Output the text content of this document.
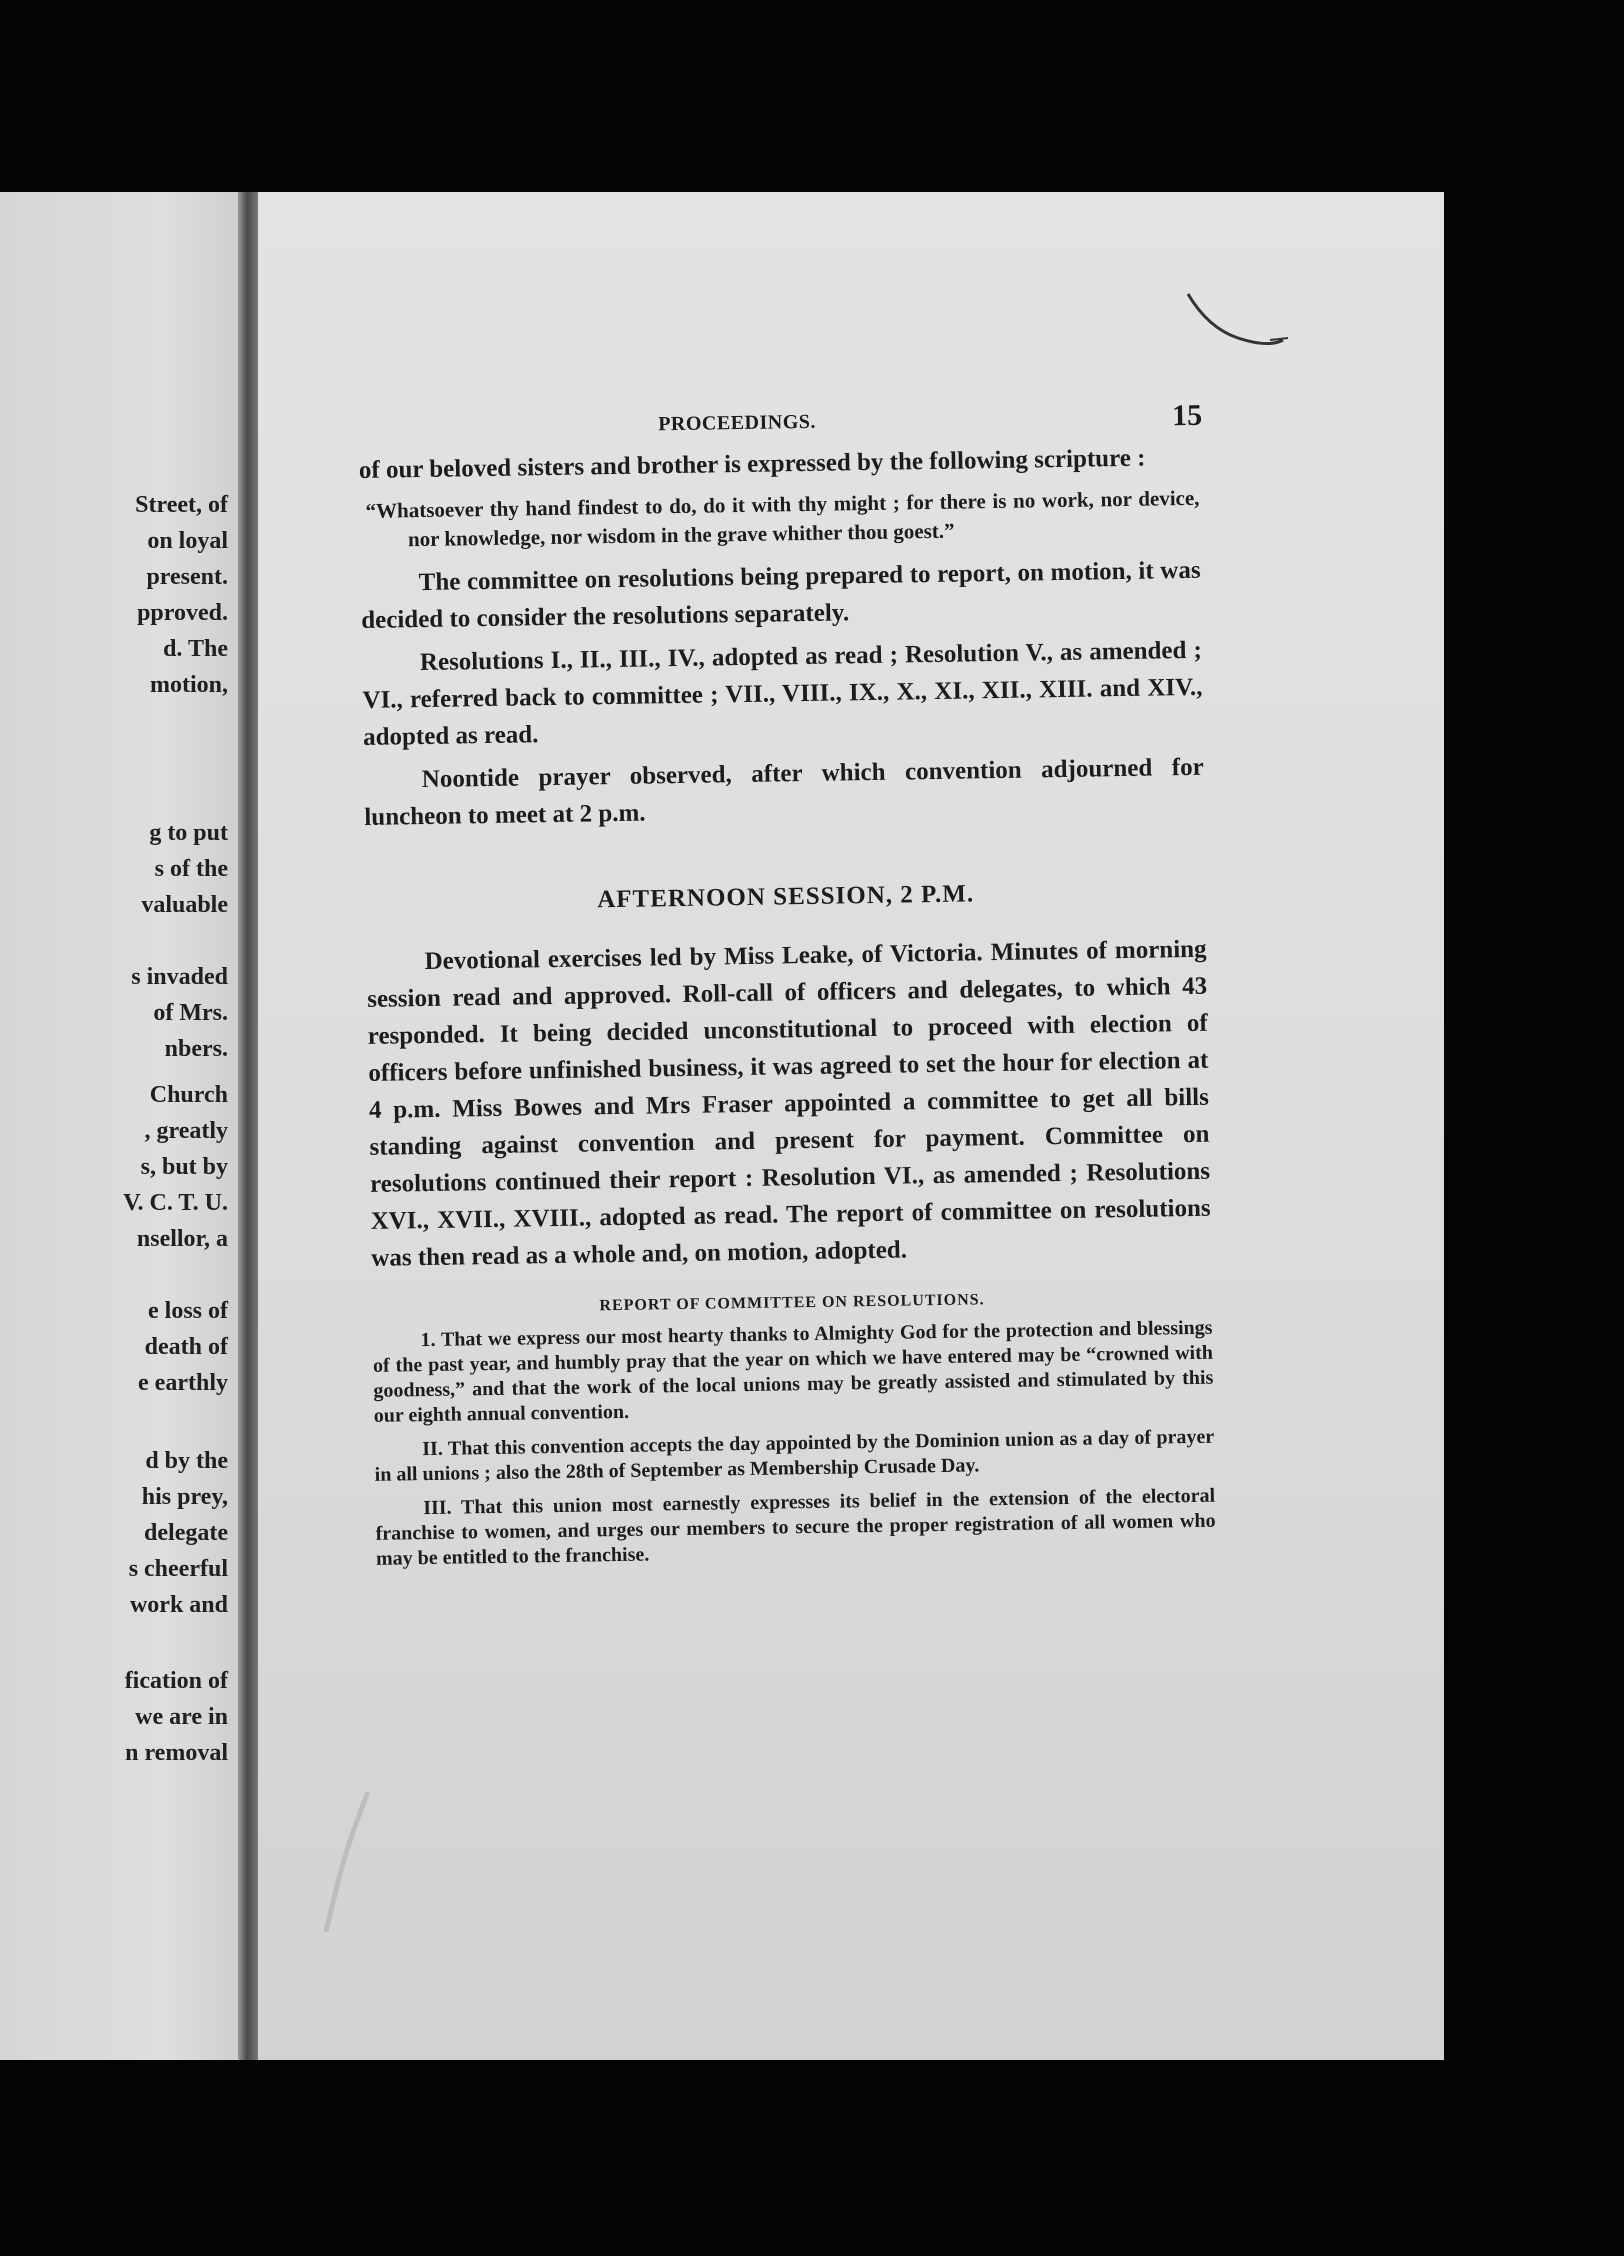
Street, of
on loyal
present.
pproved.
d. The
motion,
g to put
s of the
valuable
s invaded
of Mrs.
nbers.
Church
, greatly
s, but by
V. C. T. U.
nsellor, a
e loss of
death of
e earthly
d by the
his prey,
delegate
s cheerful
work and
fication of
we are in
n removal
PROCEEDINGS.	15

of our beloved sisters and brother is expressed by the following scripture :

“Whatsoever thy hand findest to do, do it with thy might ; for there is no work, nor device, nor knowledge, nor wisdom in the grave whither thou goest.”

The committee on resolutions being prepared to report, on motion, it was decided to consider the resolutions separately.

Resolutions I., II., III., IV., adopted as read ; Resolution V., as amended ; VI., referred back to committee ; VII., VIII., IX., X., XI., XII., XIII. and XIV., adopted as read.

Noontide prayer observed, after which convention adjourned for luncheon to meet at 2 p.m.

AFTERNOON SESSION, 2 P.M.

Devotional exercises led by Miss Leake, of Victoria. Minutes of morning session read and approved. Roll-call of officers and delegates, to which 43 responded. It being decided unconstitutional to proceed with election of officers before unfinished business, it was agreed to set the hour for election at 4 p.m. Miss Bowes and Mrs Fraser appointed a committee to get all bills standing against convention and present for payment. Committee on resolutions continued their report : Resolution VI., as amended ; Resolutions XVI., XVII., XVIII., adopted as read. The report of committee on resolutions was then read as a whole and, on motion, adopted.

REPORT OF COMMITTEE ON RESOLUTIONS.

1. That we express our most hearty thanks to Almighty God for the protection and blessings of the past year, and humbly pray that the year on which we have entered may be “crowned with goodness,” and that the work of the local unions may be greatly assisted and stimulated by this our eighth annual convention.

II. That this convention accepts the day appointed by the Dominion union as a day of prayer in all unions ; also the 28th of September as Membership Crusade Day.

III. That this union most earnestly expresses its belief in the extension of the electoral franchise to women, and urges our members to secure the proper registration of all women who may be entitled to the franchise.
